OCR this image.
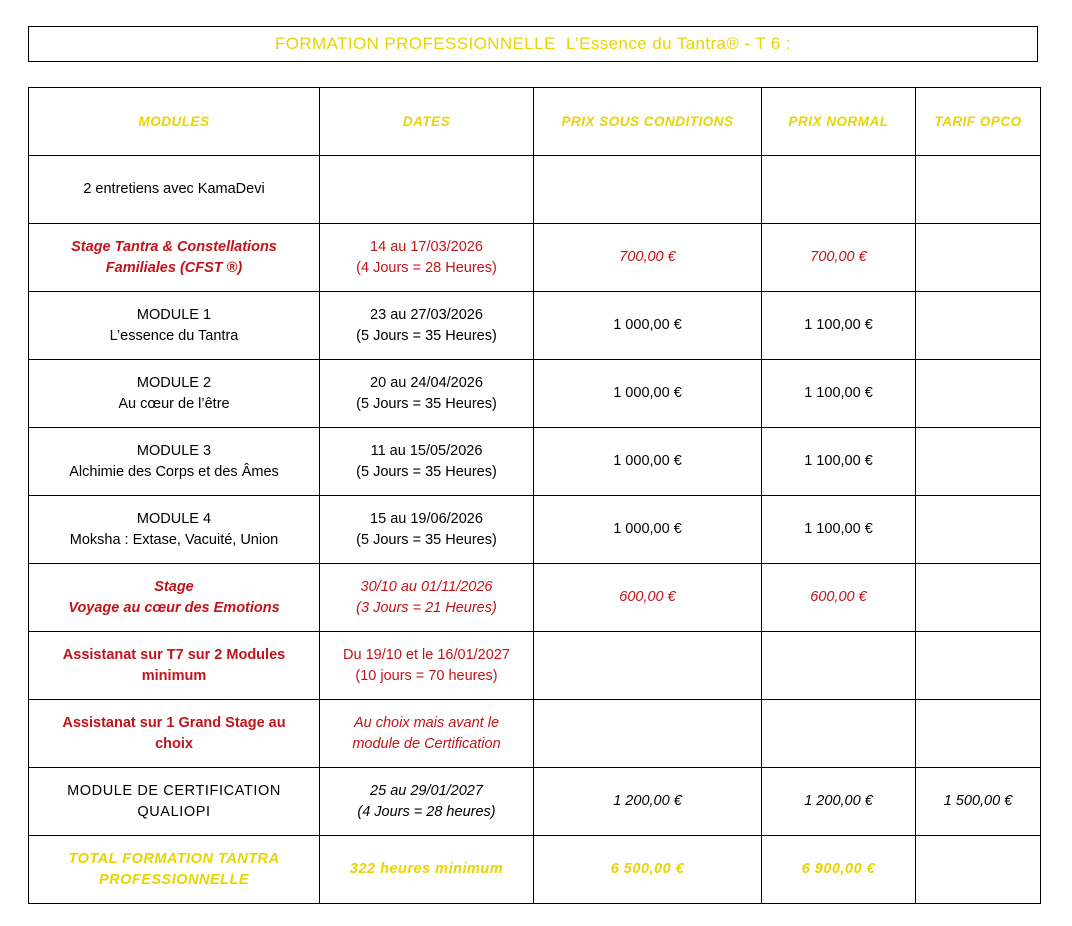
FORMATION PROFESSIONNELLE  L’Essence du Tantra® - T 6 :
MODULES	DATES	PRIX SOUS CONDITIONS	PRIX NORMAL	TARIF OPCO

2 entretiens avec KamaDevi				

Stage Tantra & Constellations
Familiales (CFST ®)	14 au 17/03/2026
(4 Jours = 28 Heures)	700,00 €	700,00 €	

MODULE 1
L’essence du Tantra	23 au 27/03/2026
(5 Jours = 35 Heures)	1 000,00 €	1 100,00 €	

MODULE 2
Au cœur de l’être	20 au 24/04/2026
(5 Jours = 35 Heures)	1 000,00 €	1 100,00 €	

MODULE 3
Alchimie des Corps et des Âmes	11 au 15/05/2026
(5 Jours = 35 Heures)	1 000,00 €	1 100,00 €	

MODULE 4
Moksha : Extase, Vacuité, Union	15 au 19/06/2026
(5 Jours = 35 Heures)	1 000,00 €	1 100,00 €	

Stage
Voyage au cœur des Emotions	30/10 au 01/11/2026
(3 Jours = 21 Heures)	600,00 €	600,00 €	

Assistanat sur T7 sur 2 Modules
minimum	Du 19/10 et le 16/01/2027
(10 jours = 70 heures)			

Assistanat sur 1 Grand Stage au
choix	Au choix mais avant le
module de Certification			

MODULE DE CERTIFICATION
QUALIOPI	25 au 29/01/2027
(4 Jours = 28 heures)	1 200,00 €	1 200,00 €	1 500,00 €

TOTAL FORMATION TANTRA
PROFESSIONNELLE	322 heures minimum	6 500,00 €	6 900,00 €	
